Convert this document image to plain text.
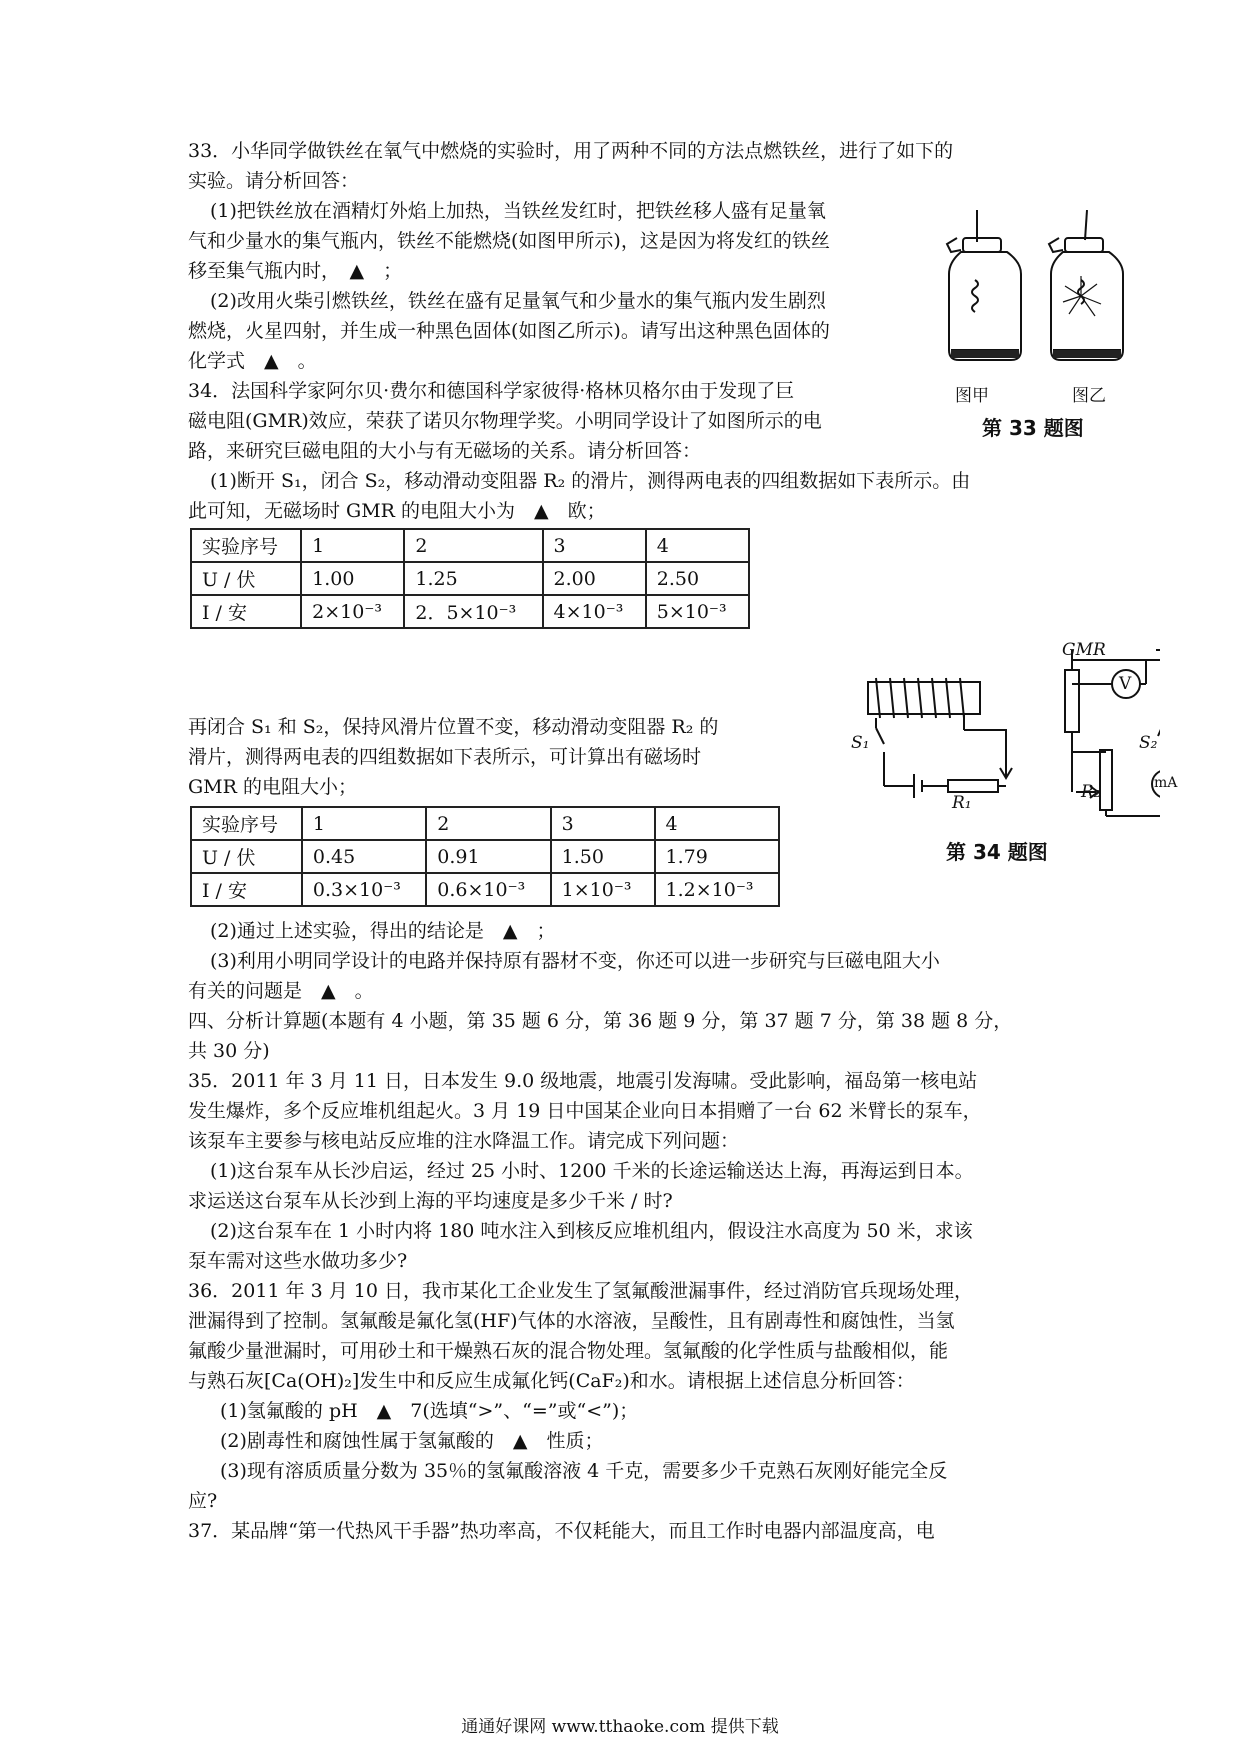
33．小华同学做铁丝在氧气中燃烧的实验时，用了两种不同的方法点燃铁丝，进行了如下的
实验。请分析回答：
(1)把铁丝放在酒精灯外焰上加热，当铁丝发红时，把铁丝移人盛有足量氧
气和少量水的集气瓶内，铁丝不能燃烧(如图甲所示)，这是因为将发红的铁丝
移至集气瓶内时，　▲　；
(2)改用火柴引燃铁丝，铁丝在盛有足量氧气和少量水的集气瓶内发生剧烈
燃烧，火星四射，并生成一种黑色固体(如图乙所示)。请写出这种黑色固体的
化学式　▲　。
图甲	图乙
第 33 题图
34．法国科学家阿尔贝·费尔和德国科学家彼得·格林贝格尔由于发现了巨
磁电阻(GMR)效应，荣获了诺贝尔物理学奖。小明同学设计了如图所示的电
路，来研究巨磁电阻的大小与有无磁场的关系。请分析回答：
(1)断开 S₁，闭合 S₂，移动滑动变阻器 R₂ 的滑片，测得两电表的四组数据如下表所示。由
此可知，无磁场时 GMR 的电阻大小为　▲　欧；
实验序号	1	2	3	4
U / 伏	1.00	1.25	2.00	2.50
I / 安	2×10⁻³	2．5×10⁻³	4×10⁻³	5×10⁻³
再闭合 S₁ 和 S₂，保持风滑片位置不变，移动滑动变阻器 R₂ 的
滑片，测得两电表的四组数据如下表所示，可计算出有磁场时
GMR 的电阻大小；
实验序号	1	2	3	4
U / 伏	0.45	0.91	1.50	1.79
I / 安	0.3×10⁻³	0.6×10⁻³	1×10⁻³	1.2×10⁻³
GMR
V
S₁	S₂
R₁
R₂	mA
第 34 题图
(2)通过上述实验，得出的结论是　▲　；
(3)利用小明同学设计的电路并保持原有器材不变，你还可以进一步研究与巨磁电阻大小
有关的问题是　▲　。
四、分析计算题(本题有 4 小题，第 35 题 6 分，第 36 题 9 分，第 37 题 7 分，第 38 题 8 分，
共 30 分)
35．2011 年 3 月 11 日，日本发生 9.0 级地震，地震引发海啸。受此影响，福岛第一核电站
发生爆炸，多个反应堆机组起火。3 月 19 日中国某企业向日本捐赠了一台 62 米臂长的泵车，
该泵车主要参与核电站反应堆的注水降温工作。请完成下列问题：
(1)这台泵车从长沙启运，经过 25 小时、1200 千米的长途运输送达上海，再海运到日本。
求运送这台泵车从长沙到上海的平均速度是多少千米 / 时?
(2)这台泵车在 1 小时内将 180 吨水注入到核反应堆机组内，假设注水高度为 50 米，求该
泵车需对这些水做功多少?
36．2011 年 3 月 10 日，我市某化工企业发生了氢氟酸泄漏事件，经过消防官兵现场处理，
泄漏得到了控制。氢氟酸是氟化氢(HF)气体的水溶液，呈酸性，且有剧毒性和腐蚀性，当氢
氟酸少量泄漏时，可用砂土和干燥熟石灰的混合物处理。氢氟酸的化学性质与盐酸相似，能
与熟石灰[Ca(OH)₂]发生中和反应生成氟化钙(CaF₂)和水。请根据上述信息分析回答：
(1)氢氟酸的 pH　▲　7(选填“>”、“=”或“<”)；
(2)剧毒性和腐蚀性属于氢氟酸的　▲　性质；
(3)现有溶质质量分数为 35％的氢氟酸溶液 4 千克，需要多少千克熟石灰刚好能完全反
应?
37．某品牌“第一代热风干手器”热功率高，不仅耗能大，而且工作时电器内部温度高，电
通通好课网 www.tthaoke.com 提供下载
